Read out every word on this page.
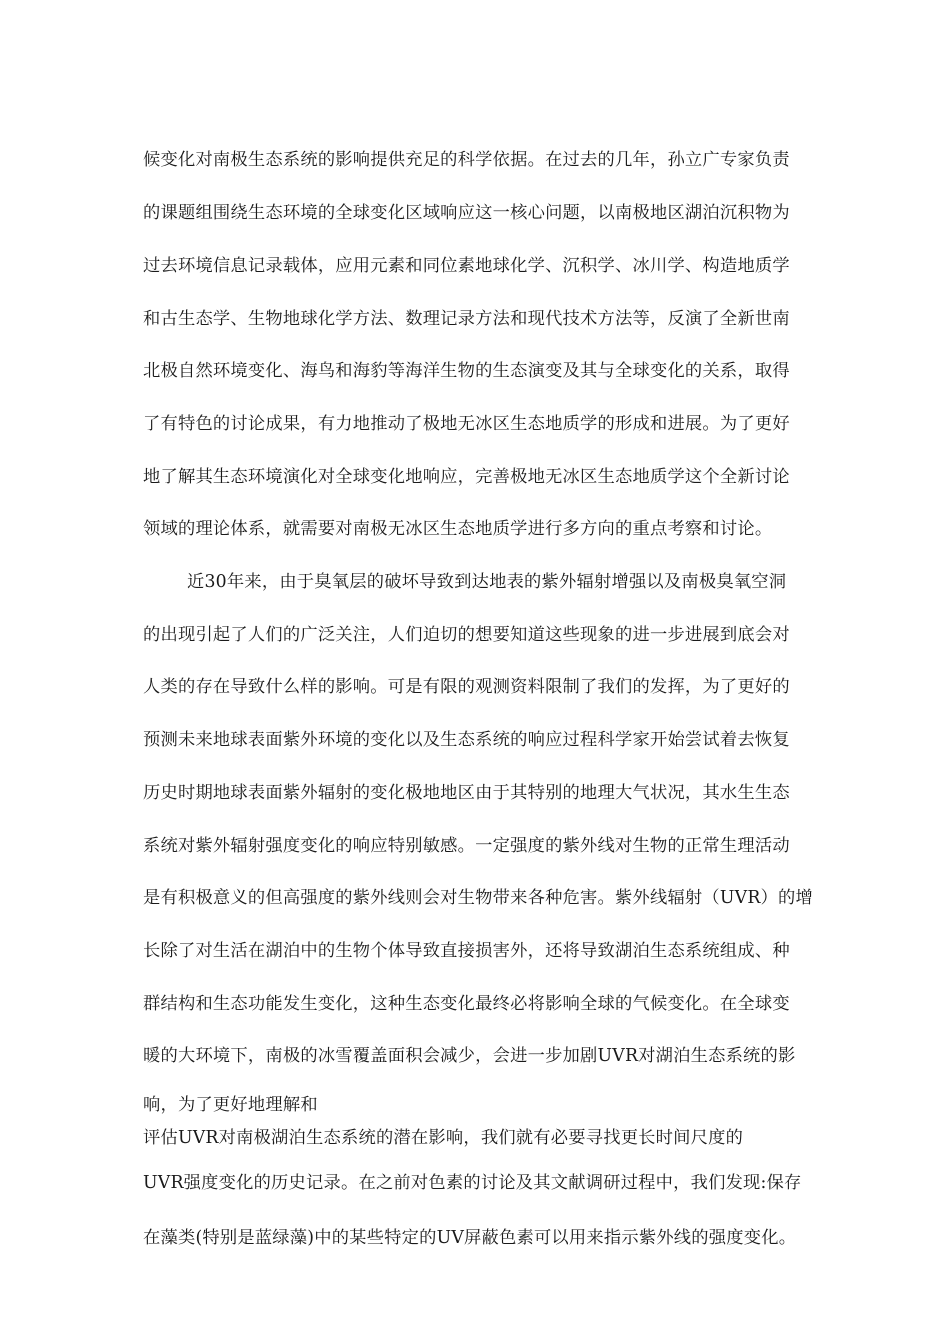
候变化对南极生态系统的影响提供充足的科学依据。在过去的几年，孙立广专家负责
的课题组围绕生态环境的全球变化区域响应这一核心问题，以南极地区湖泊沉积物为
过去环境信息记录载体，应用元素和同位素地球化学、沉积学、冰川学、构造地质学
和古生态学、生物地球化学方法、数理记录方法和现代技术方法等，反演了全新世南
北极自然环境变化、海鸟和海豹等海洋生物的生态演变及其与全球变化的关系，取得
了有特色的讨论成果，有力地推动了极地无冰区生态地质学的形成和进展。为了更好
地了解其生态环境演化对全球变化地响应，完善极地无冰区生态地质学这个全新讨论
领域的理论体系，就需要对南极无冰区生态地质学进行多方向的重点考察和讨论。
近30年来，由于臭氧层的破坏导致到达地表的紫外辐射增强以及南极臭氧空洞
的出现引起了人们的广泛关注，人们迫切的想要知道这些现象的进一步进展到底会对
人类的存在导致什么样的影响。可是有限的观测资料限制了我们的发挥，为了更好的
预测未来地球表面紫外环境的变化以及生态系统的响应过程科学家开始尝试着去恢复
历史时期地球表面紫外辐射的变化极地地区由于其特别的地理大气状况，其水生生态
系统对紫外辐射强度变化的响应特别敏感。一定强度的紫外线对生物的正常生理活动
是有积极意义的但高强度的紫外线则会对生物带来各种危害。紫外线辐射（UVR）的增
长除了对生活在湖泊中的生物个体导致直接损害外，还将导致湖泊生态系统组成、种
群结构和生态功能发生变化，这种生态变化最终必将影响全球的气候变化。在全球变
暖的大环境下，南极的冰雪覆盖面积会减少，会进一步加剧UVR对湖泊生态系统的影
响，为了更好地理解和
评估UVR对南极湖泊生态系统的潜在影响，我们就有必要寻找更长时间尺度的
UVR强度变化的历史记录。在之前对色素的讨论及其文献调研过程中，我们发现:保存
在藻类(特别是蓝绿藻)中的某些特定的UV屏蔽色素可以用来指示紫外线的强度变化。
